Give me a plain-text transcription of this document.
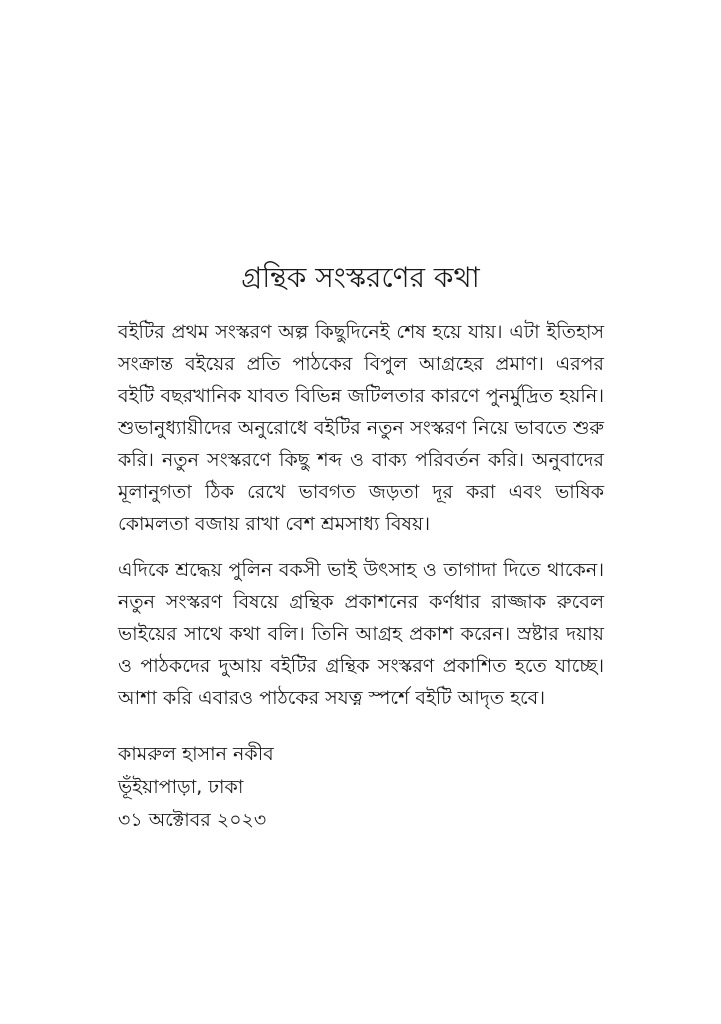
গ্রন্থিক সংস্করণের কথা

বইটির প্রথম সংস্করণ অল্প কিছুদিনেই শেষ হয়ে যায়। এটা ইতিহাস সংক্রান্ত বইয়ের প্রতি পাঠকের বিপুল আগ্রহের প্রমাণ। এরপর বইটি বছরখানিক যাবত বিভিন্ন জটিলতার কারণে পুনর্মুদ্রিত হয়নি। শুভানুধ্যায়ীদের অনুরোধে বইটির নতুন সংস্করণ নিয়ে ভাবতে শুরু করি। নতুন সংস্করণে কিছু শব্দ ও বাক্য পরিবর্তন করি। অনুবাদের মূলানুগতা ঠিক রেখে ভাবগত জড়তা দূর করা এবং ভাষিক কোমলতা বজায় রাখা বেশ শ্রমসাধ্য বিষয়।

এদিকে শ্রদ্ধেয় পুলিন বকসী ভাই উৎসাহ ও তাগাদা দিতে থাকেন। নতুন সংস্করণ বিষয়ে গ্রন্থিক প্রকাশনের কর্ণধার রাজ্জাক রুবেল ভাইয়ের সাথে কথা বলি। তিনি আগ্রহ প্রকাশ করেন। স্রষ্টার দয়ায় ও পাঠকদের দুআয় বইটির গ্রন্থিক সংস্করণ প্রকাশিত হতে যাচ্ছে। আশা করি এবারও পাঠকের সযত্ন স্পর্শে বইটি আদৃত হবে।

কামরুল হাসান নকীব

ভূঁইয়াপাড়া, ঢাকা

৩১ অক্টোবর ২০২৩
